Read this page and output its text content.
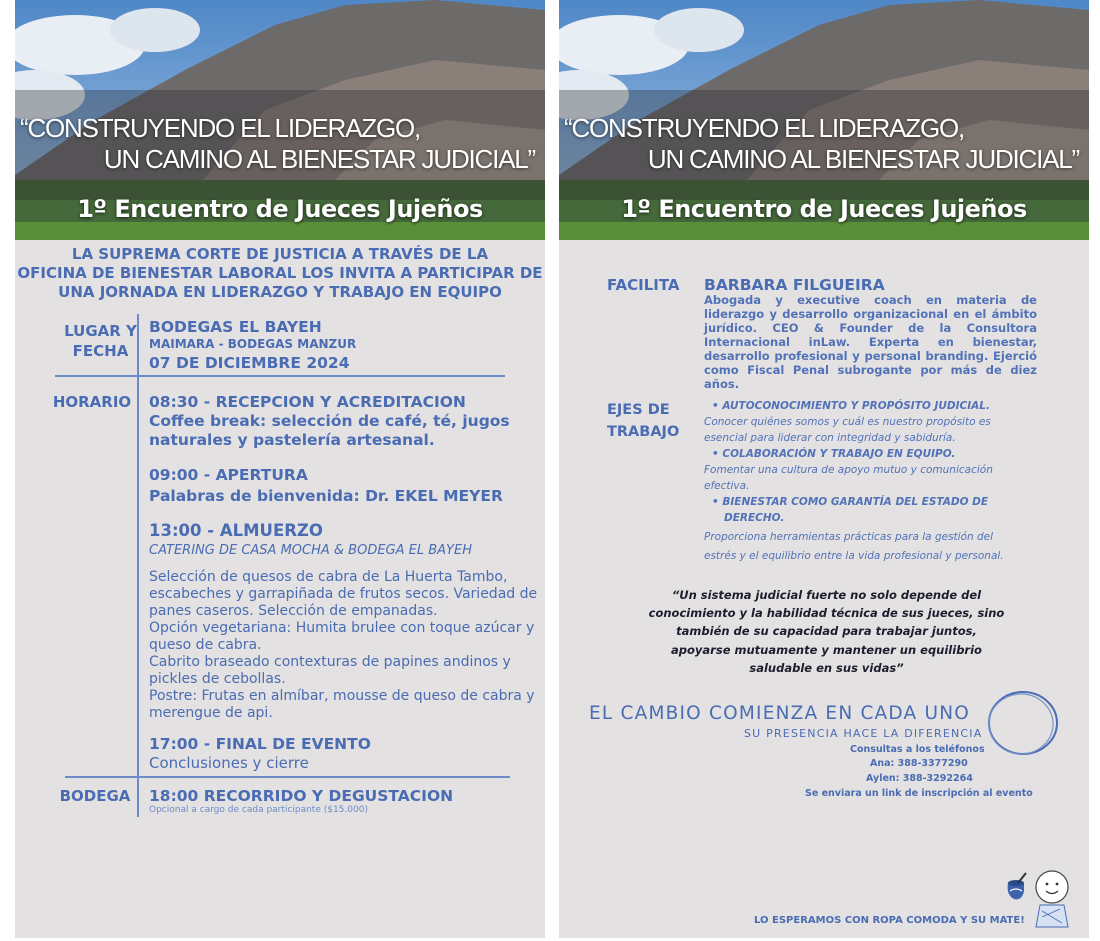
“CONSTRUYENDO EL LIDERAZGO,
UN CAMINO AL BIENESTAR JUDICIAL”
1º Encuentro de Jueces Jujeños
LA SUPREMA CORTE DE JUSTICIA A TRAVÉS DE LA
OFICINA DE BIENESTAR LABORAL LOS INVITA A PARTICIPAR DE
UNA JORNADA EN LIDERAZGO Y TRABAJO EN EQUIPO
LUGAR Y
FECHA
BODEGAS EL BAYEH
MAIMARA - BODEGAS MANZUR
07 DE DICIEMBRE 2024
HORARIO 08:30 - RECEPCION Y ACREDITACION
Coffee break: selección de café, té, jugos
naturales y pastelería artesanal.
09:00 - APERTURA
Palabras de bienvenida: Dr. EKEL MEYER
13:00 - ALMUERZO
CATERING DE CASA MOCHA & BODEGA EL BAYEH
Selección de quesos de cabra de La Huerta Tambo,
escabeches y garrapiñada de frutos secos. Variedad de
panes caseros. Selección de empanadas.
Opción vegetariana: Humita brulee con toque azúcar y
queso de cabra.
Cabrito braseado contexturas de papines andinos y
pickles de cebollas.
Postre: Frutas en almíbar, mousse de queso de cabra y
merengue de api.
17:00 - FINAL DE EVENTO
Conclusiones y cierre
BODEGA 18:00 RECORRIDO Y DEGUSTACION
Opcional a cargo de cada participante ($15.000)
“CONSTRUYENDO EL LIDERAZGO,
UN CAMINO AL BIENESTAR JUDICIAL”
1º Encuentro de Jueces Jujeños
FACILITA BARBARA FILGUEIRA
Abogada y executive coach en materia de liderazgo y desarrollo organizacional en el ámbito jurídico. CEO & Founder de la Consultora Internacional inLaw. Experta en bienestar, desarrollo profesional y personal branding. Ejerció como Fiscal Penal subrogante por más de diez años.
EJES DE
TRABAJO
• AUTOCONOCIMIENTO Y PROPÓSITO JUDICIAL.
Conocer quiénes somos y cuál es nuestro propósito es esencial para liderar con integridad y sabiduría.
• COLABORACIÓN Y TRABAJO EN EQUIPO.
Fomentar una cultura de apoyo mutuo y comunicación efectiva.
• BIENESTAR COMO GARANTÍA DEL ESTADO DE DERECHO.
Proporciona herramientas prácticas para la gestión del estrés y el equilibrio entre la vida profesional y personal.
“Un sistema judicial fuerte no solo depende del
conocimiento y la habilidad técnica de sus jueces, sino
también de su capacidad para trabajar juntos,
apoyarse mutuamente y mantener un equilibrio
saludable en sus vidas”
EL CAMBIO COMIENZA EN CADA UNO
SU PRESENCIA HACE LA DIFERENCIA
Consultas a los teléfonos
Ana: 388-3377290
Aylen: 388-3292264
Se enviara un link de inscripción al evento
LO ESPERAMOS CON ROPA COMODA Y SU MATE!
